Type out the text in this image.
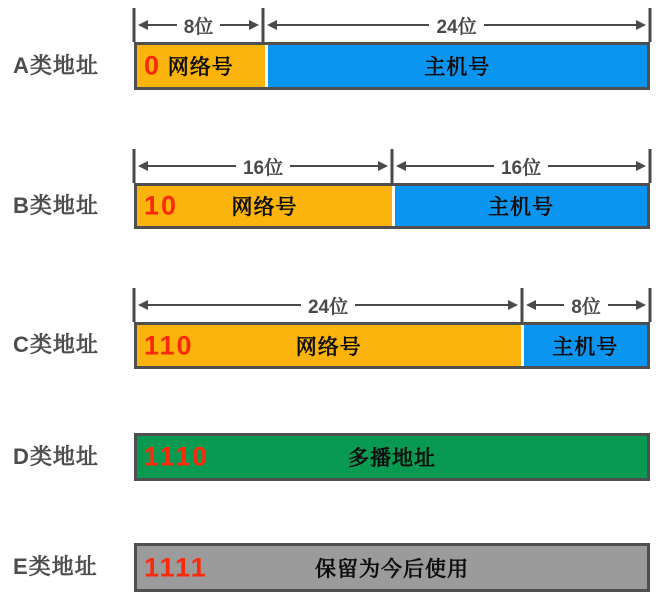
A类地址
8位	24位
0 网络号	主机号
B类地址
16位	16位
10	网络号	主机号
C类地址
24位	8位
110	网络号	主机号
D类地址	1110	多播地址
E类地址	1111	保留为今后使用
